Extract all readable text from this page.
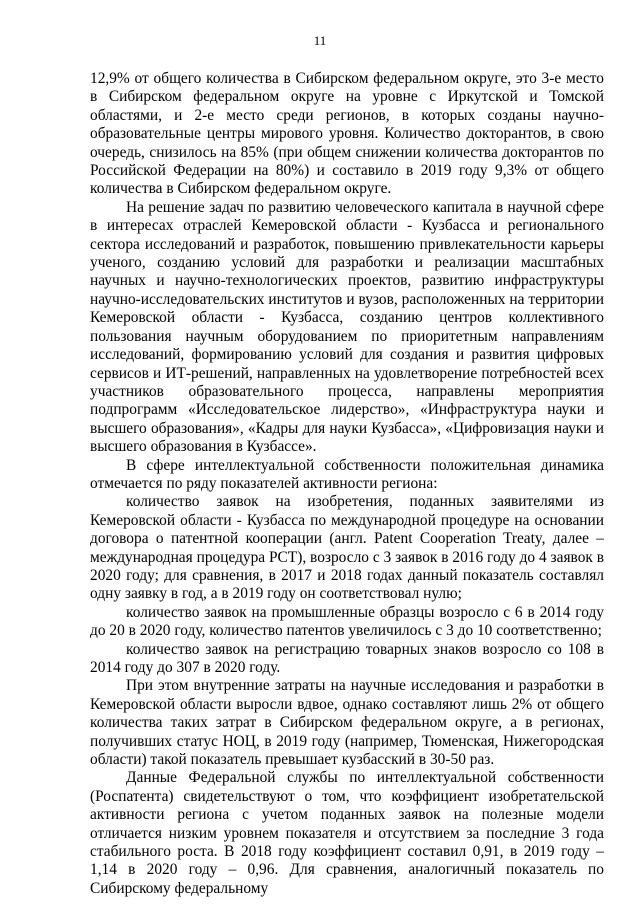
11

12,9% от общего количества в Сибирском федеральном округе, это 3-е место в Сибирском федеральном округе на уровне с Иркутской и Томской областями, и 2-е место среди регионов, в которых созданы научно-образовательные центры мирового уровня. Количество докторантов, в свою очередь, снизилось на 85% (при общем снижении количества докторантов по Российской Федерации на 80%) и составило в 2019 году 9,3% от общего количества в Сибирском федеральном округе.

На решение задач по развитию человеческого капитала в научной сфере в интересах отраслей Кемеровской области - Кузбасса и регионального сектора исследований и разработок, повышению привлекательности карьеры ученого, созданию условий для разработки и реализации масштабных научных и научно-технологических проектов, развитию инфраструктуры научно-исследовательских институтов и вузов, расположенных на территории Кемеровской области - Кузбасса, созданию центров коллективного пользования научным оборудованием по приоритетным направлениям исследований, формированию условий для создания и развития цифровых сервисов и ИТ-решений, направленных на удовлетворение потребностей всех участников образовательного процесса, направлены мероприятия подпрограмм «Исследовательское лидерство», «Инфраструктура науки и высшего образования», «Кадры для науки Кузбасса», «Цифровизация науки и высшего образования в Кузбассе».

В сфере интеллектуальной собственности положительная динамика отмечается по ряду показателей активности региона:

количество заявок на изобретения, поданных заявителями из Кемеровской области - Кузбасса по международной процедуре на основании договора о патентной кооперации (англ. Patent Cooperation Treaty, далее – международная процедура PCT), возросло с 3 заявок в 2016 году до 4 заявок в 2020 году; для сравнения, в 2017 и 2018 годах данный показатель составлял одну заявку в год, а в 2019 году он соответствовал нулю;

количество заявок на промышленные образцы возросло с 6 в 2014 году до 20 в 2020 году, количество патентов увеличилось с 3 до 10 соответственно;

количество заявок на регистрацию товарных знаков возросло со 108 в 2014 году до 307 в 2020 году.

При этом внутренние затраты на научные исследования и разработки в Кемеровской области выросли вдвое, однако составляют лишь 2% от общего количества таких затрат в Сибирском федеральном округе, а в регионах, получивших статус НОЦ, в 2019 году (например, Тюменская, Нижегородская области) такой показатель превышает кузбасский в 30-50 раз.

Данные Федеральной службы по интеллектуальной собственности (Роспатента) свидетельствуют о том, что коэффициент изобретательской активности региона с учетом поданных заявок на полезные модели отличается низким уровнем показателя и отсутствием за последние 3 года стабильного роста. В 2018 году коэффициент составил 0,91, в 2019 году – 1,14 в 2020 году – 0,96. Для сравнения, аналогичный показатель по Сибирскому федеральному
